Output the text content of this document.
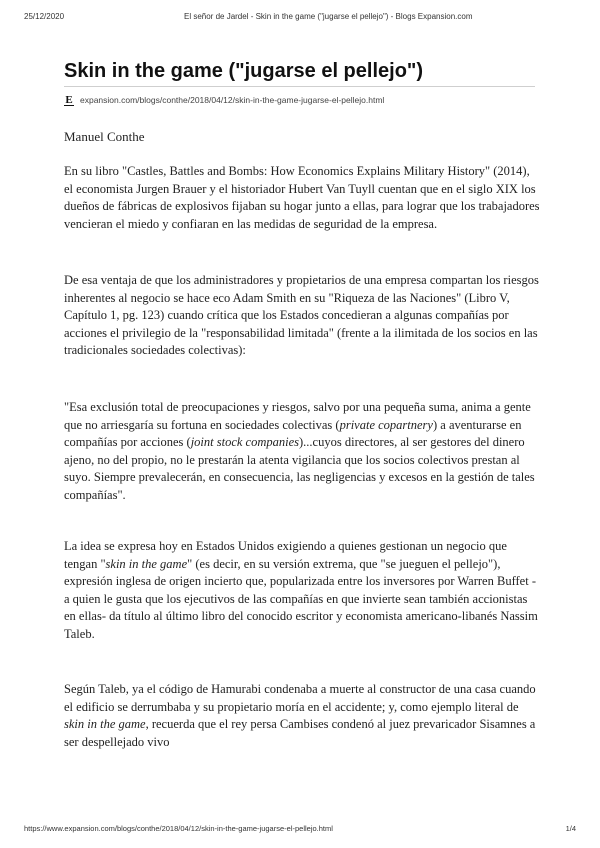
25/12/2020	El señor de Jardel - Skin in the game ("jugarse el pellejo") - Blogs Expansion.com
Skin in the game ("jugarse el pellejo")
E expansion.com/blogs/conthe/2018/04/12/skin-in-the-game-jugarse-el-pellejo.html

Manuel Conthe

En su libro "Castles, Battles and Bombs: How Economics Explains Military History" (2014), el economista Jurgen Brauer y el historiador Hubert Van Tuyll cuentan que en el siglo XIX los dueños de fábricas de explosivos fijaban su hogar junto a ellas, para lograr que los trabajadores vencieran el miedo y confiaran en las medidas de seguridad de la empresa.

De esa ventaja de que los administradores y propietarios de una empresa compartan los riesgos inherentes al negocio se hace eco Adam Smith en su "Riqueza de las Naciones" (Libro V, Capítulo 1, pg. 123) cuando crítica que los Estados concedieran a algunas compañías por acciones el privilegio de la "responsabilidad limitada" (frente a la ilimitada de los socios en las tradicionales sociedades colectivas):

"Esa exclusión total de preocupaciones y riesgos, salvo por una pequeña suma, anima a gente que no arriesgaría su fortuna en sociedades colectivas (private copartnery) a aventurarse en compañías por acciones (joint stock companies)...cuyos directores, al ser gestores del dinero ajeno, no del propio, no le prestarán la atenta vigilancia que los socios colectivos prestan al suyo. Siempre prevalecerán, en consecuencia, las negligencias y excesos en la gestión de tales compañías".

La idea se expresa hoy en Estados Unidos exigiendo a quienes gestionan un negocio que tengan "skin in the game" (es decir, en su versión extrema, que "se jueguen el pellejo"), expresión inglesa de origen incierto que, popularizada entre los inversores por Warren Buffet -a quien le gusta que los ejecutivos de las compañías en que invierte sean también accionistas en ellas- da título al último libro del conocido escritor y economista americano-libanés Nassim Taleb.

Según Taleb, ya el código de Hamurabi condenaba a muerte al constructor de una casa cuando el edificio se derrumbaba y su propietario moría en el accidente; y, como ejemplo literal de skin in the game, recuerda que el rey persa Cambises condenó al juez prevaricador Sisamnes a ser despellejado vivo

https://www.expansion.com/blogs/conthe/2018/04/12/skin-in-the-game-jugarse-el-pellejo.html	1/4
